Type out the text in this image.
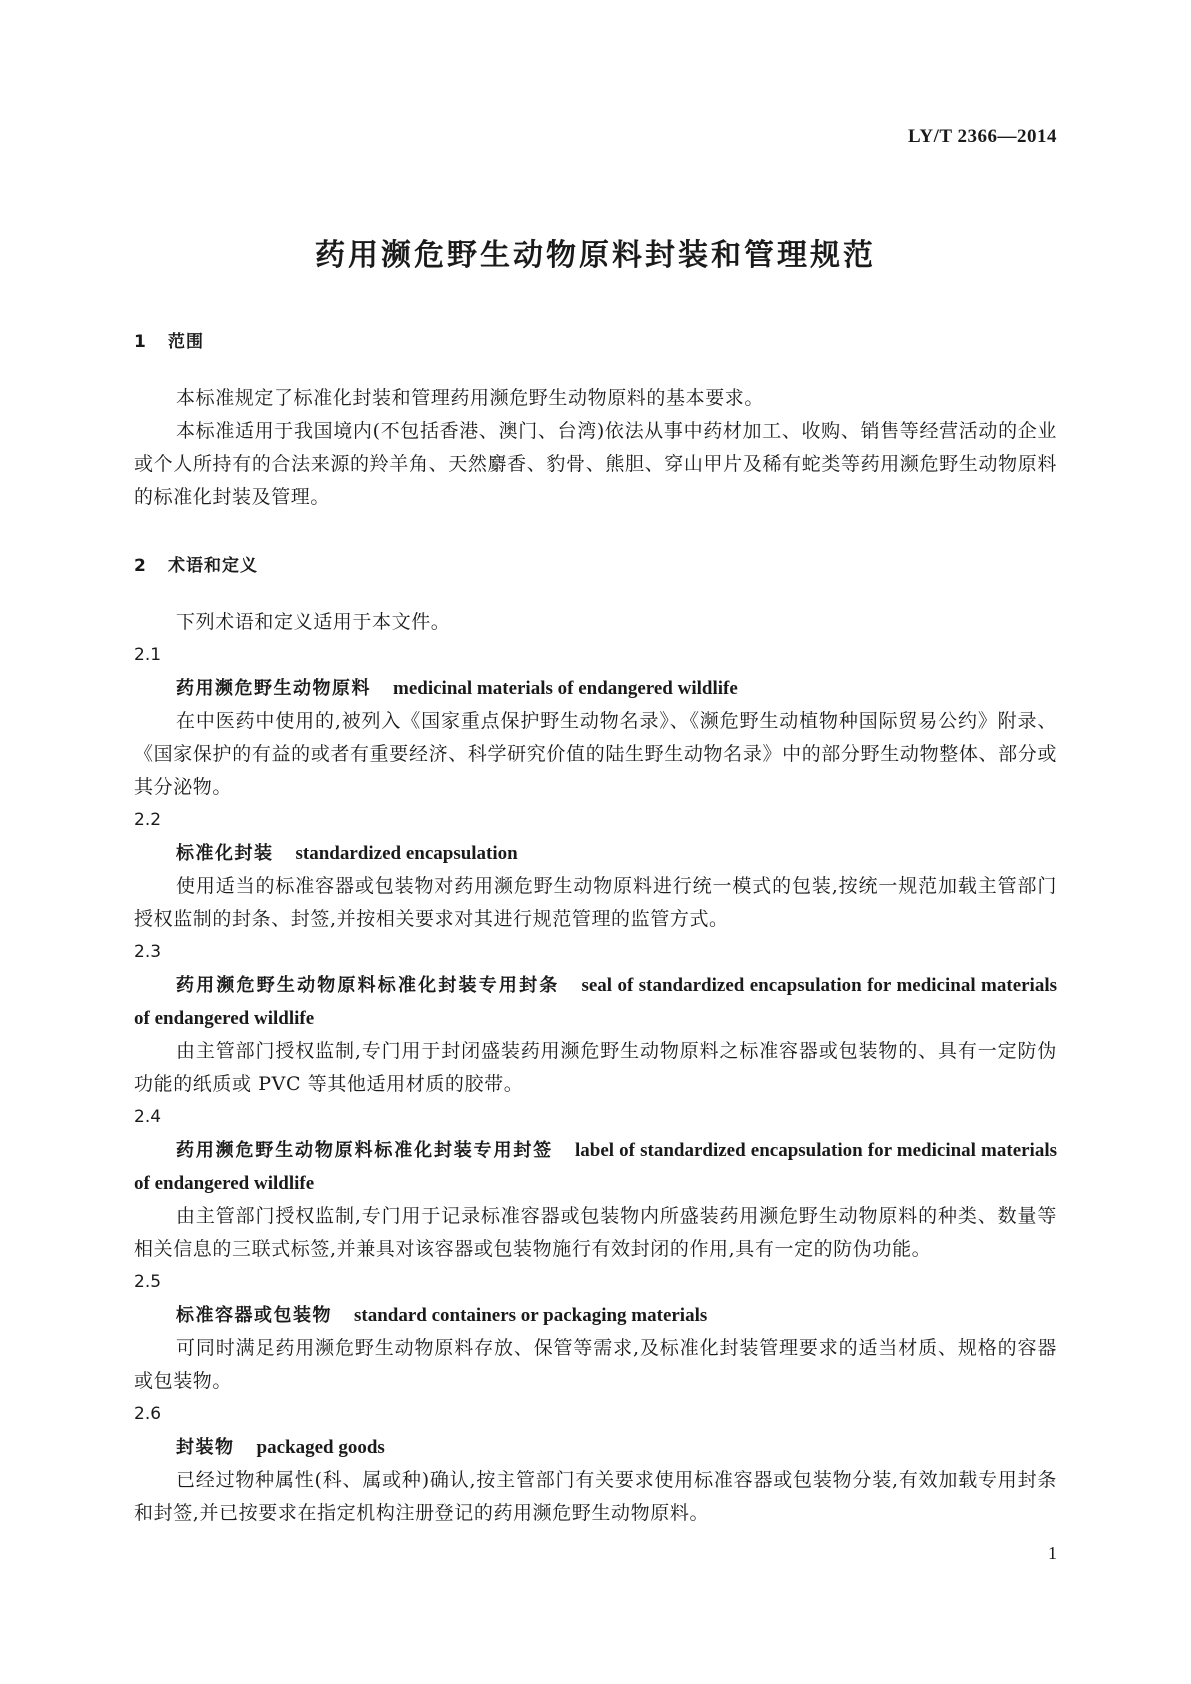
LY/T 2366—2014
药用濒危野生动物原料封装和管理规范
1 范围
本标准规定了标准化封装和管理药用濒危野生动物原料的基本要求。
本标准适用于我国境内(不包括香港、澳门、台湾)依法从事中药材加工、收购、销售等经营活动的企业或个人所持有的合法来源的羚羊角、天然麝香、豹骨、熊胆、穿山甲片及稀有蛇类等药用濒危野生动物原料的标准化封装及管理。
2 术语和定义
下列术语和定义适用于本文件。
2.1
药用濒危野生动物原料 medicinal materials of endangered wildlife
在中医药中使用的,被列入《国家重点保护野生动物名录》、《濒危野生动植物种国际贸易公约》附录、《国家保护的有益的或者有重要经济、科学研究价值的陆生野生动物名录》中的部分野生动物整体、部分或其分泌物。
2.2
标准化封装 standardized encapsulation
使用适当的标准容器或包装物对药用濒危野生动物原料进行统一模式的包装,按统一规范加载主管部门授权监制的封条、封签,并按相关要求对其进行规范管理的监管方式。
2.3
药用濒危野生动物原料标准化封装专用封条 seal of standardized encapsulation for medicinal materials of endangered wildlife
由主管部门授权监制,专门用于封闭盛装药用濒危野生动物原料之标准容器或包装物的、具有一定防伪功能的纸质或 PVC 等其他适用材质的胶带。
2.4
药用濒危野生动物原料标准化封装专用封签 label of standardized encapsulation for medicinal materials of endangered wildlife
由主管部门授权监制,专门用于记录标准容器或包装物内所盛装药用濒危野生动物原料的种类、数量等相关信息的三联式标签,并兼具对该容器或包装物施行有效封闭的作用,具有一定的防伪功能。
2.5
标准容器或包装物 standard containers or packaging materials
可同时满足药用濒危野生动物原料存放、保管等需求,及标准化封装管理要求的适当材质、规格的容器或包装物。
2.6
封装物 packaged goods
已经过物种属性(科、属或种)确认,按主管部门有关要求使用标准容器或包装物分装,有效加载专用封条和封签,并已按要求在指定机构注册登记的药用濒危野生动物原料。
1
